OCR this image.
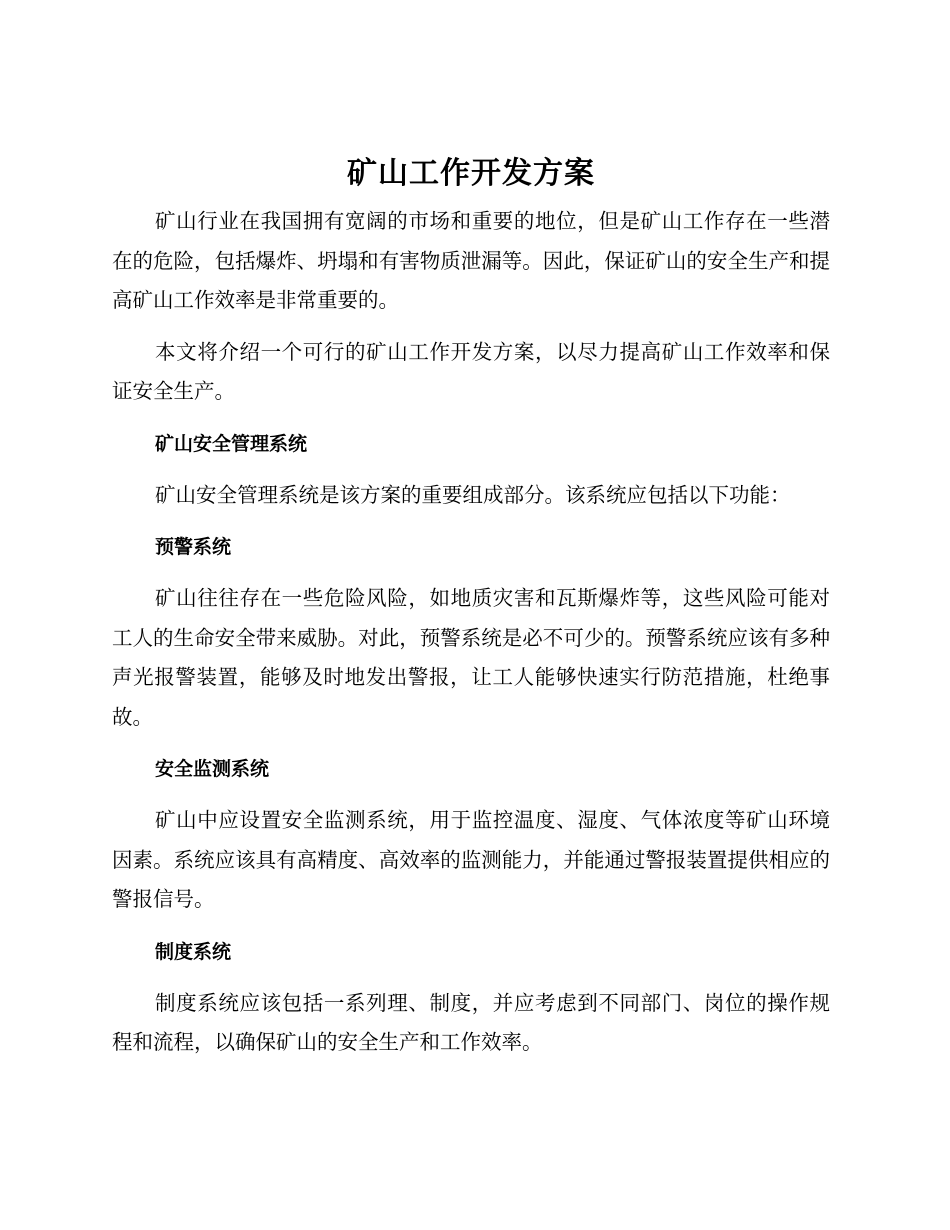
矿山工作开发方案

矿山行业在我国拥有宽阔的市场和重要的地位，但是矿山工作存在一些潜在的危险，包括爆炸、坍塌和有害物质泄漏等。因此，保证矿山的安全生产和提高矿山工作效率是非常重要的。

本文将介绍一个可行的矿山工作开发方案，以尽力提高矿山工作效率和保证安全生产。

矿山安全管理系统

矿山安全管理系统是该方案的重要组成部分。该系统应包括以下功能：

预警系统

矿山往往存在一些危险风险，如地质灾害和瓦斯爆炸等，这些风险可能对工人的生命安全带来威胁。对此，预警系统是必不可少的。预警系统应该有多种声光报警装置，能够及时地发出警报，让工人能够快速实行防范措施，杜绝事故。

安全监测系统

矿山中应设置安全监测系统，用于监控温度、湿度、气体浓度等矿山环境因素。系统应该具有高精度、高效率的监测能力，并能通过警报装置提供相应的警报信号。

制度系统

制度系统应该包括一系列理、制度，并应考虑到不同部门、岗位的操作规程和流程，以确保矿山的安全生产和工作效率。
